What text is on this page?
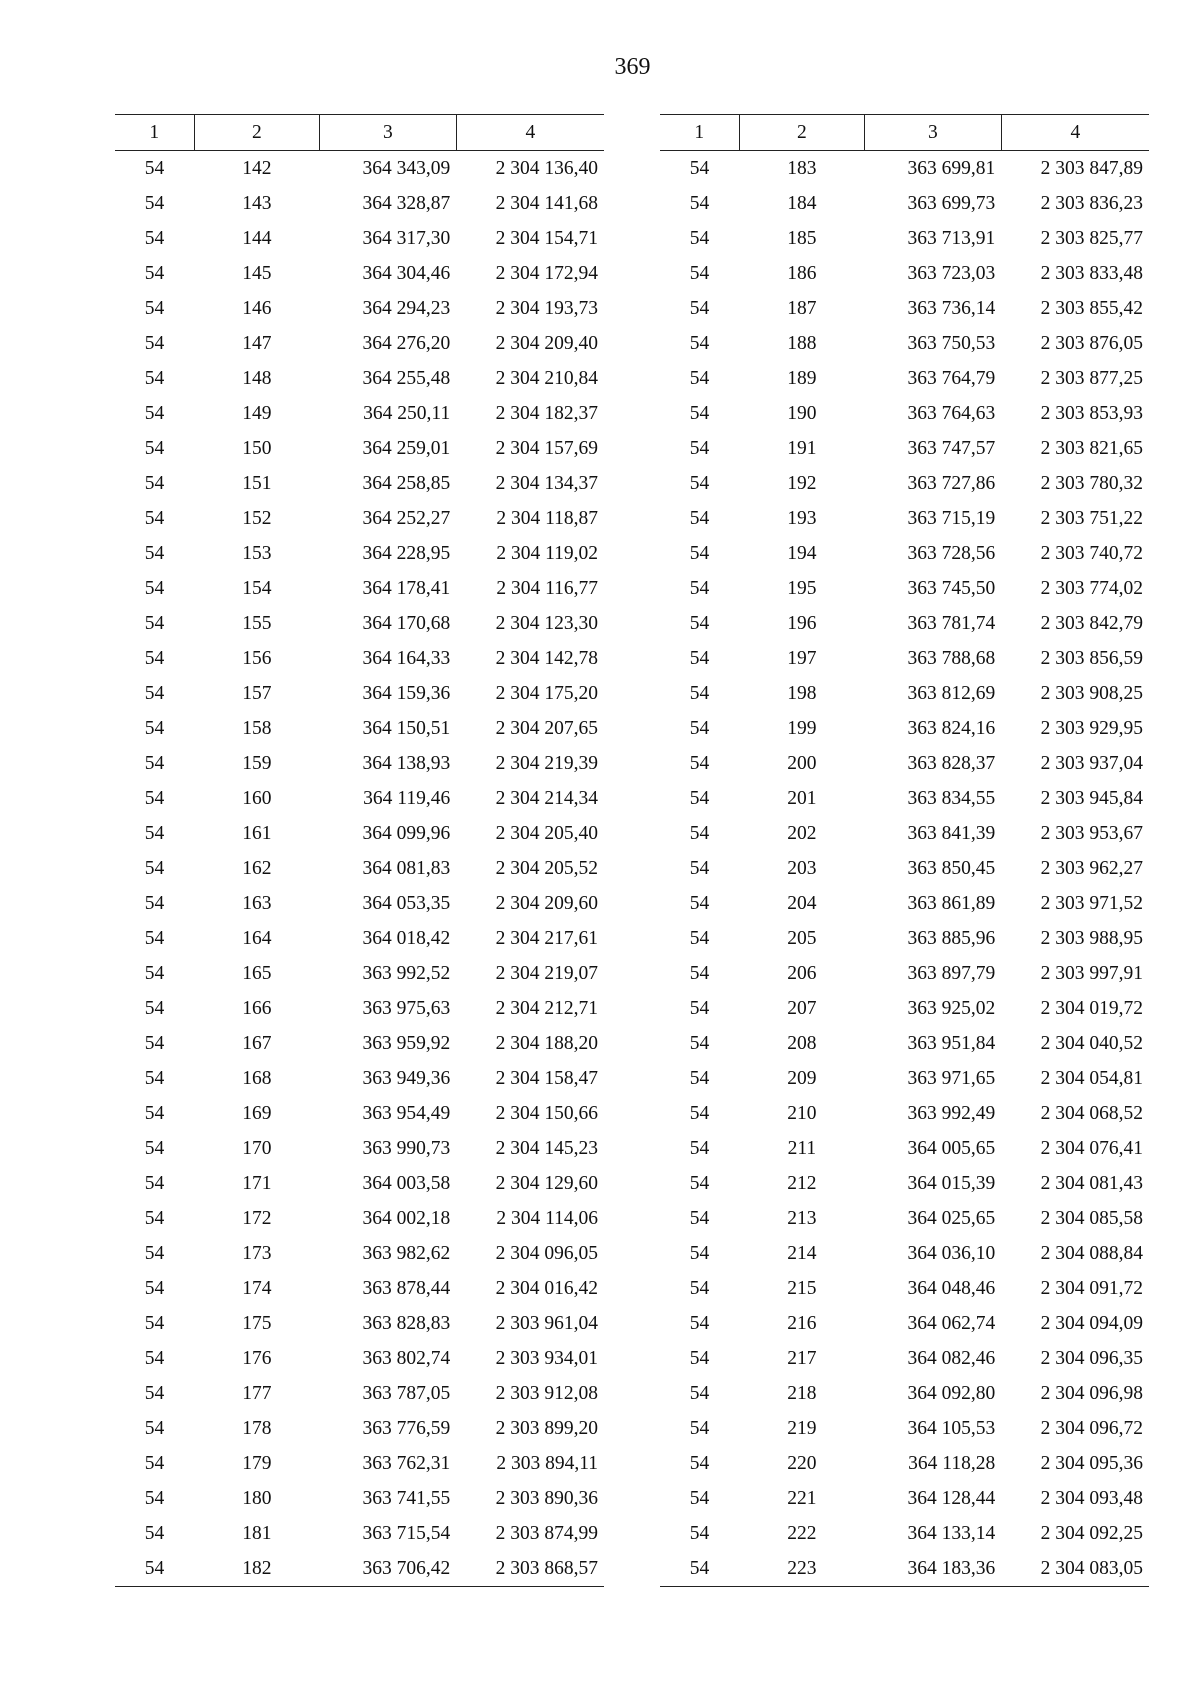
369
1	2	3	4
54	142	364 343,09	2 304 136,40
54	143	364 328,87	2 304 141,68
54	144	364 317,30	2 304 154,71
54	145	364 304,46	2 304 172,94
54	146	364 294,23	2 304 193,73
54	147	364 276,20	2 304 209,40
54	148	364 255,48	2 304 210,84
54	149	364 250,11	2 304 182,37
54	150	364 259,01	2 304 157,69
54	151	364 258,85	2 304 134,37
54	152	364 252,27	2 304 118,87
54	153	364 228,95	2 304 119,02
54	154	364 178,41	2 304 116,77
54	155	364 170,68	2 304 123,30
54	156	364 164,33	2 304 142,78
54	157	364 159,36	2 304 175,20
54	158	364 150,51	2 304 207,65
54	159	364 138,93	2 304 219,39
54	160	364 119,46	2 304 214,34
54	161	364 099,96	2 304 205,40
54	162	364 081,83	2 304 205,52
54	163	364 053,35	2 304 209,60
54	164	364 018,42	2 304 217,61
54	165	363 992,52	2 304 219,07
54	166	363 975,63	2 304 212,71
54	167	363 959,92	2 304 188,20
54	168	363 949,36	2 304 158,47
54	169	363 954,49	2 304 150,66
54	170	363 990,73	2 304 145,23
54	171	364 003,58	2 304 129,60
54	172	364 002,18	2 304 114,06
54	173	363 982,62	2 304 096,05
54	174	363 878,44	2 304 016,42
54	175	363 828,83	2 303 961,04
54	176	363 802,74	2 303 934,01
54	177	363 787,05	2 303 912,08
54	178	363 776,59	2 303 899,20
54	179	363 762,31	2 303 894,11
54	180	363 741,55	2 303 890,36
54	181	363 715,54	2 303 874,99
54	182	363 706,42	2 303 868,57
1	2	3	4
54	183	363 699,81	2 303 847,89
54	184	363 699,73	2 303 836,23
54	185	363 713,91	2 303 825,77
54	186	363 723,03	2 303 833,48
54	187	363 736,14	2 303 855,42
54	188	363 750,53	2 303 876,05
54	189	363 764,79	2 303 877,25
54	190	363 764,63	2 303 853,93
54	191	363 747,57	2 303 821,65
54	192	363 727,86	2 303 780,32
54	193	363 715,19	2 303 751,22
54	194	363 728,56	2 303 740,72
54	195	363 745,50	2 303 774,02
54	196	363 781,74	2 303 842,79
54	197	363 788,68	2 303 856,59
54	198	363 812,69	2 303 908,25
54	199	363 824,16	2 303 929,95
54	200	363 828,37	2 303 937,04
54	201	363 834,55	2 303 945,84
54	202	363 841,39	2 303 953,67
54	203	363 850,45	2 303 962,27
54	204	363 861,89	2 303 971,52
54	205	363 885,96	2 303 988,95
54	206	363 897,79	2 303 997,91
54	207	363 925,02	2 304 019,72
54	208	363 951,84	2 304 040,52
54	209	363 971,65	2 304 054,81
54	210	363 992,49	2 304 068,52
54	211	364 005,65	2 304 076,41
54	212	364 015,39	2 304 081,43
54	213	364 025,65	2 304 085,58
54	214	364 036,10	2 304 088,84
54	215	364 048,46	2 304 091,72
54	216	364 062,74	2 304 094,09
54	217	364 082,46	2 304 096,35
54	218	364 092,80	2 304 096,98
54	219	364 105,53	2 304 096,72
54	220	364 118,28	2 304 095,36
54	221	364 128,44	2 304 093,48
54	222	364 133,14	2 304 092,25
54	223	364 183,36	2 304 083,05
